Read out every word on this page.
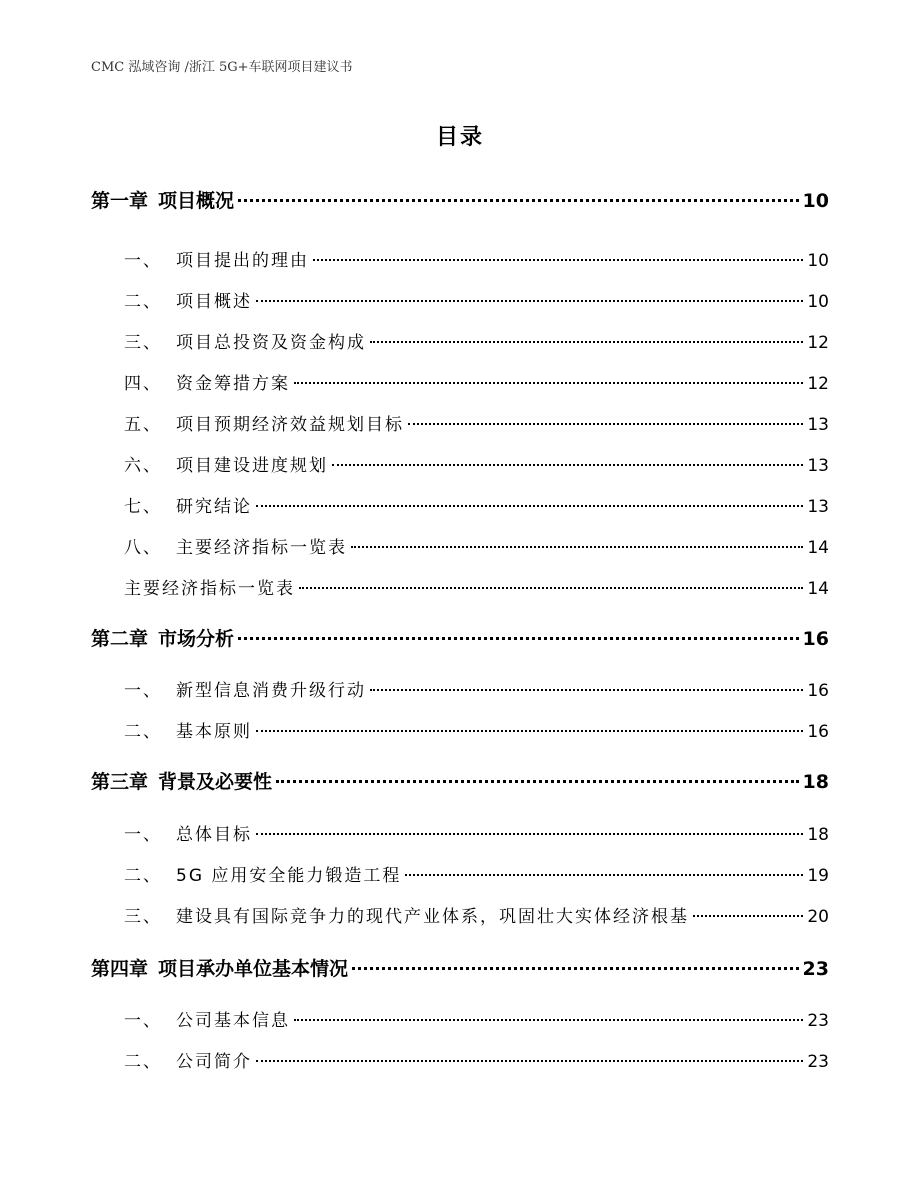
CMC 泓域咨询 /浙江 5G+车联网项目建议书
目录
第一章 项目概况	10
一、 项目提出的理由	10
二、 项目概述	10
三、 项目总投资及资金构成	12
四、 资金筹措方案	12
五、 项目预期经济效益规划目标	13
六、 项目建设进度规划	13
七、 研究结论	13
八、 主要经济指标一览表	14
主要经济指标一览表	14
第二章 市场分析	16
一、 新型信息消费升级行动	16
二、 基本原则	16
第三章 背景及必要性	18
一、 总体目标	18
二、 5G 应用安全能力锻造工程	19
三、 建设具有国际竞争力的现代产业体系，巩固壮大实体经济根基	20
第四章 项目承办单位基本情况	23
一、 公司基本信息	23
二、 公司简介	23
